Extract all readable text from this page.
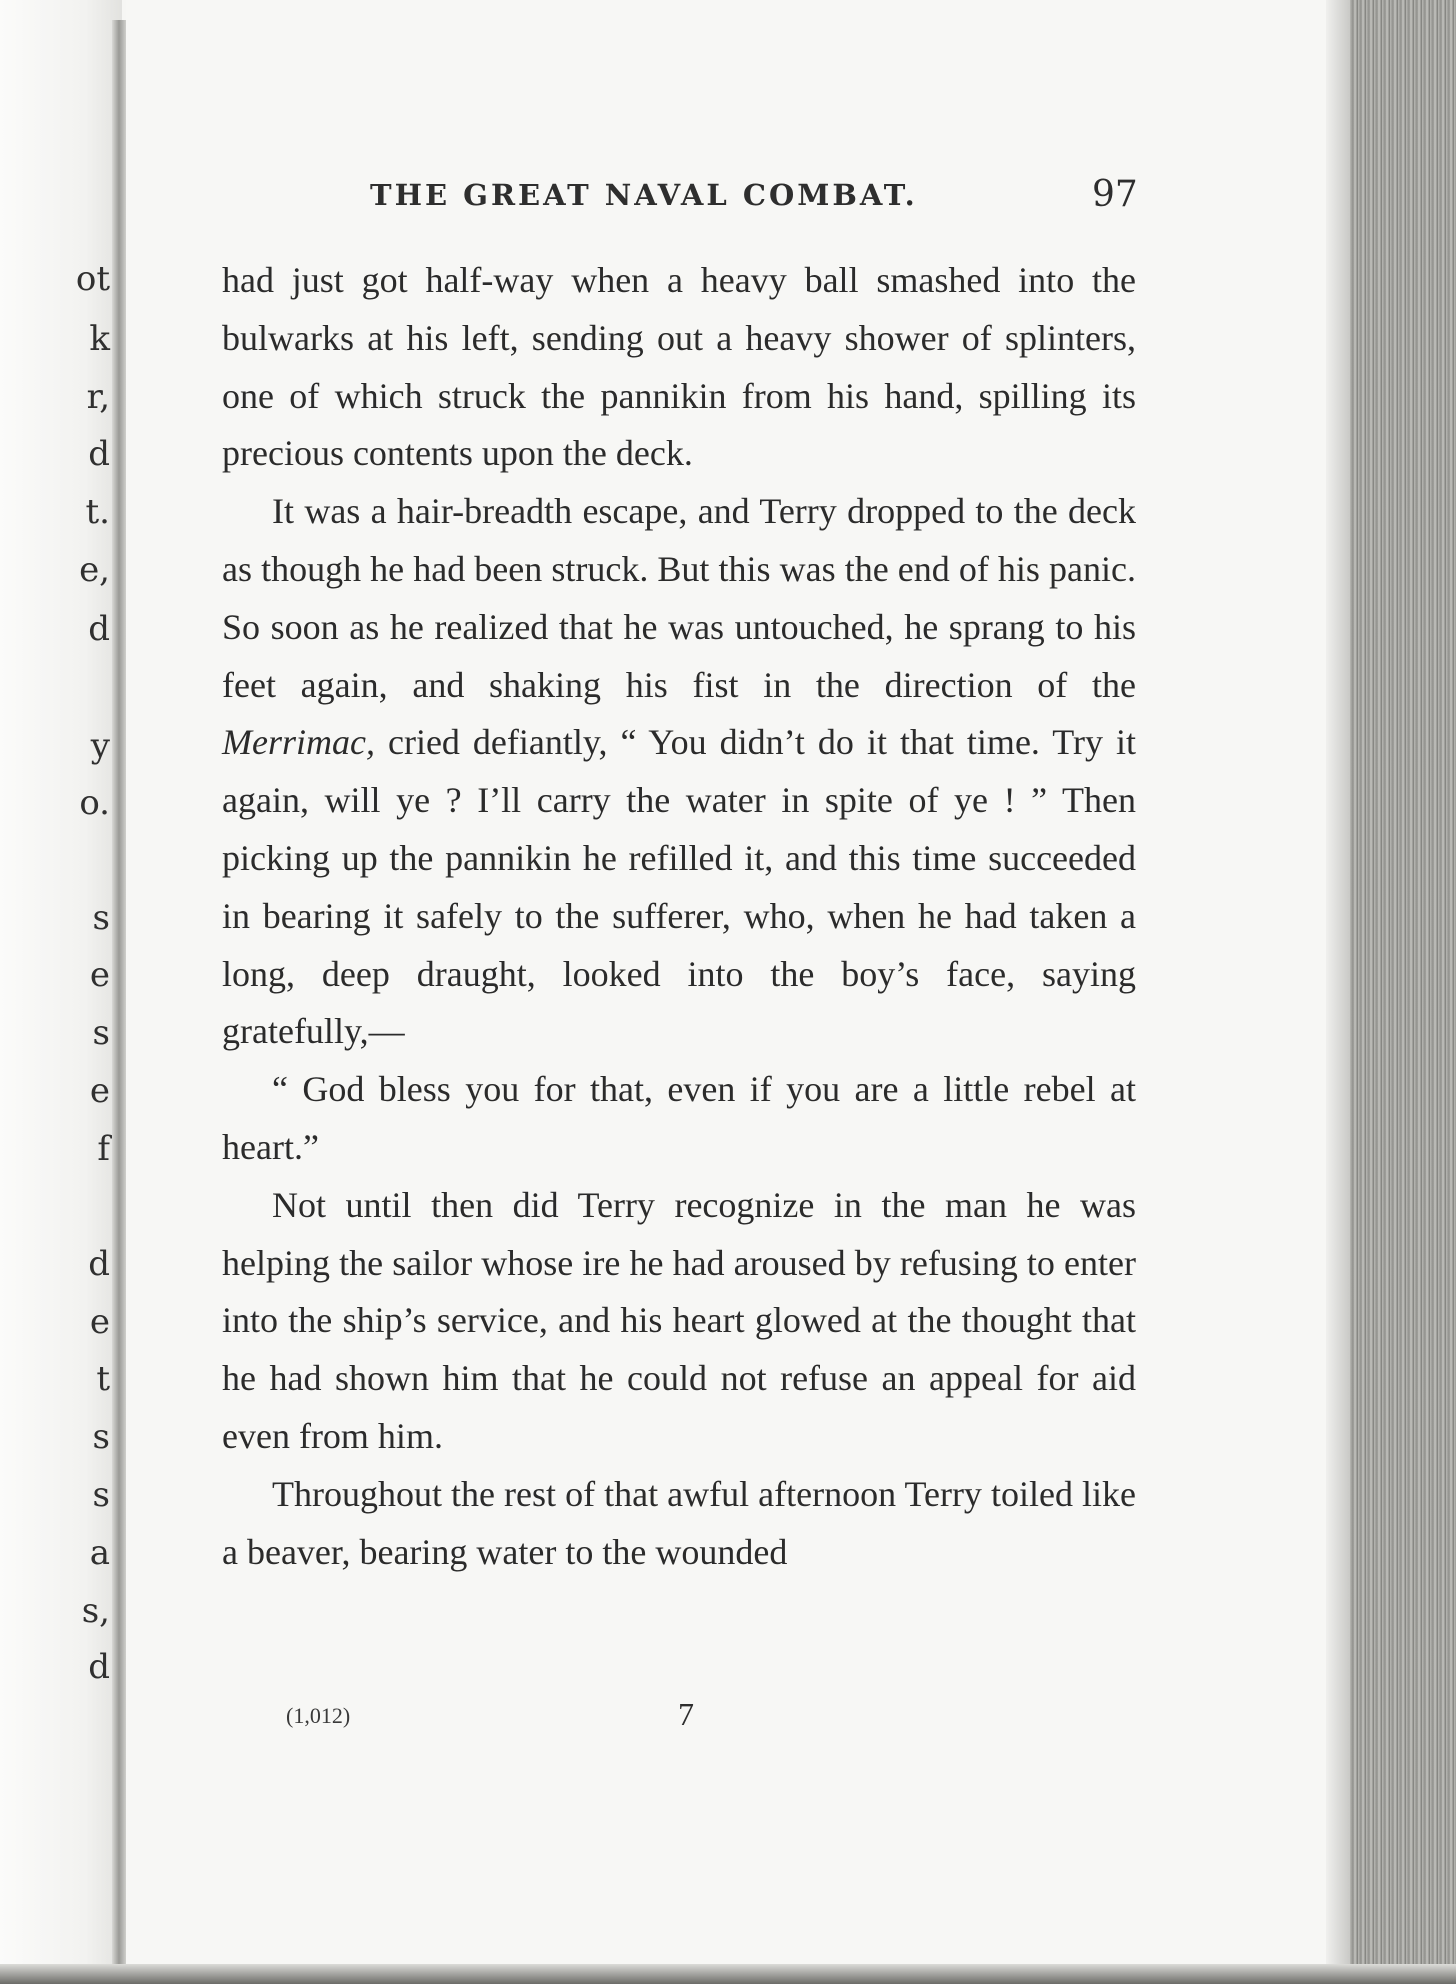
ot
k
r,
d
t.
e,
d
y
o.
s
e
s
e
f
d
e
t
s
s
a
s,
d
THE GREAT NAVAL COMBAT.	97

had just got half-way when a heavy ball smashed into the bulwarks at his left, sending out a heavy shower of splinters, one of which struck the pannikin from his hand, spilling its precious contents upon the deck.

It was a hair-breadth escape, and Terry dropped to the deck as though he had been struck. But this was the end of his panic. So soon as he realized that he was untouched, he sprang to his feet again, and shaking his fist in the direction of the Merrimac, cried defiantly, “ You didn’t do it that time. Try it again, will ye ? I’ll carry the water in spite of ye ! ” Then picking up the pannikin he refilled it, and this time succeeded in bearing it safely to the sufferer, who, when he had taken a long, deep draught, looked into the boy’s face, saying gratefully,—

“ God bless you for that, even if you are a little rebel at heart.”

Not until then did Terry recognize in the man he was helping the sailor whose ire he had aroused by refusing to enter into the ship’s service, and his heart glowed at the thought that he had shown him that he could not refuse an appeal for aid even from him.

Throughout the rest of that awful afternoon Terry toiled like a beaver, bearing water to the wounded

(1,012)	7
